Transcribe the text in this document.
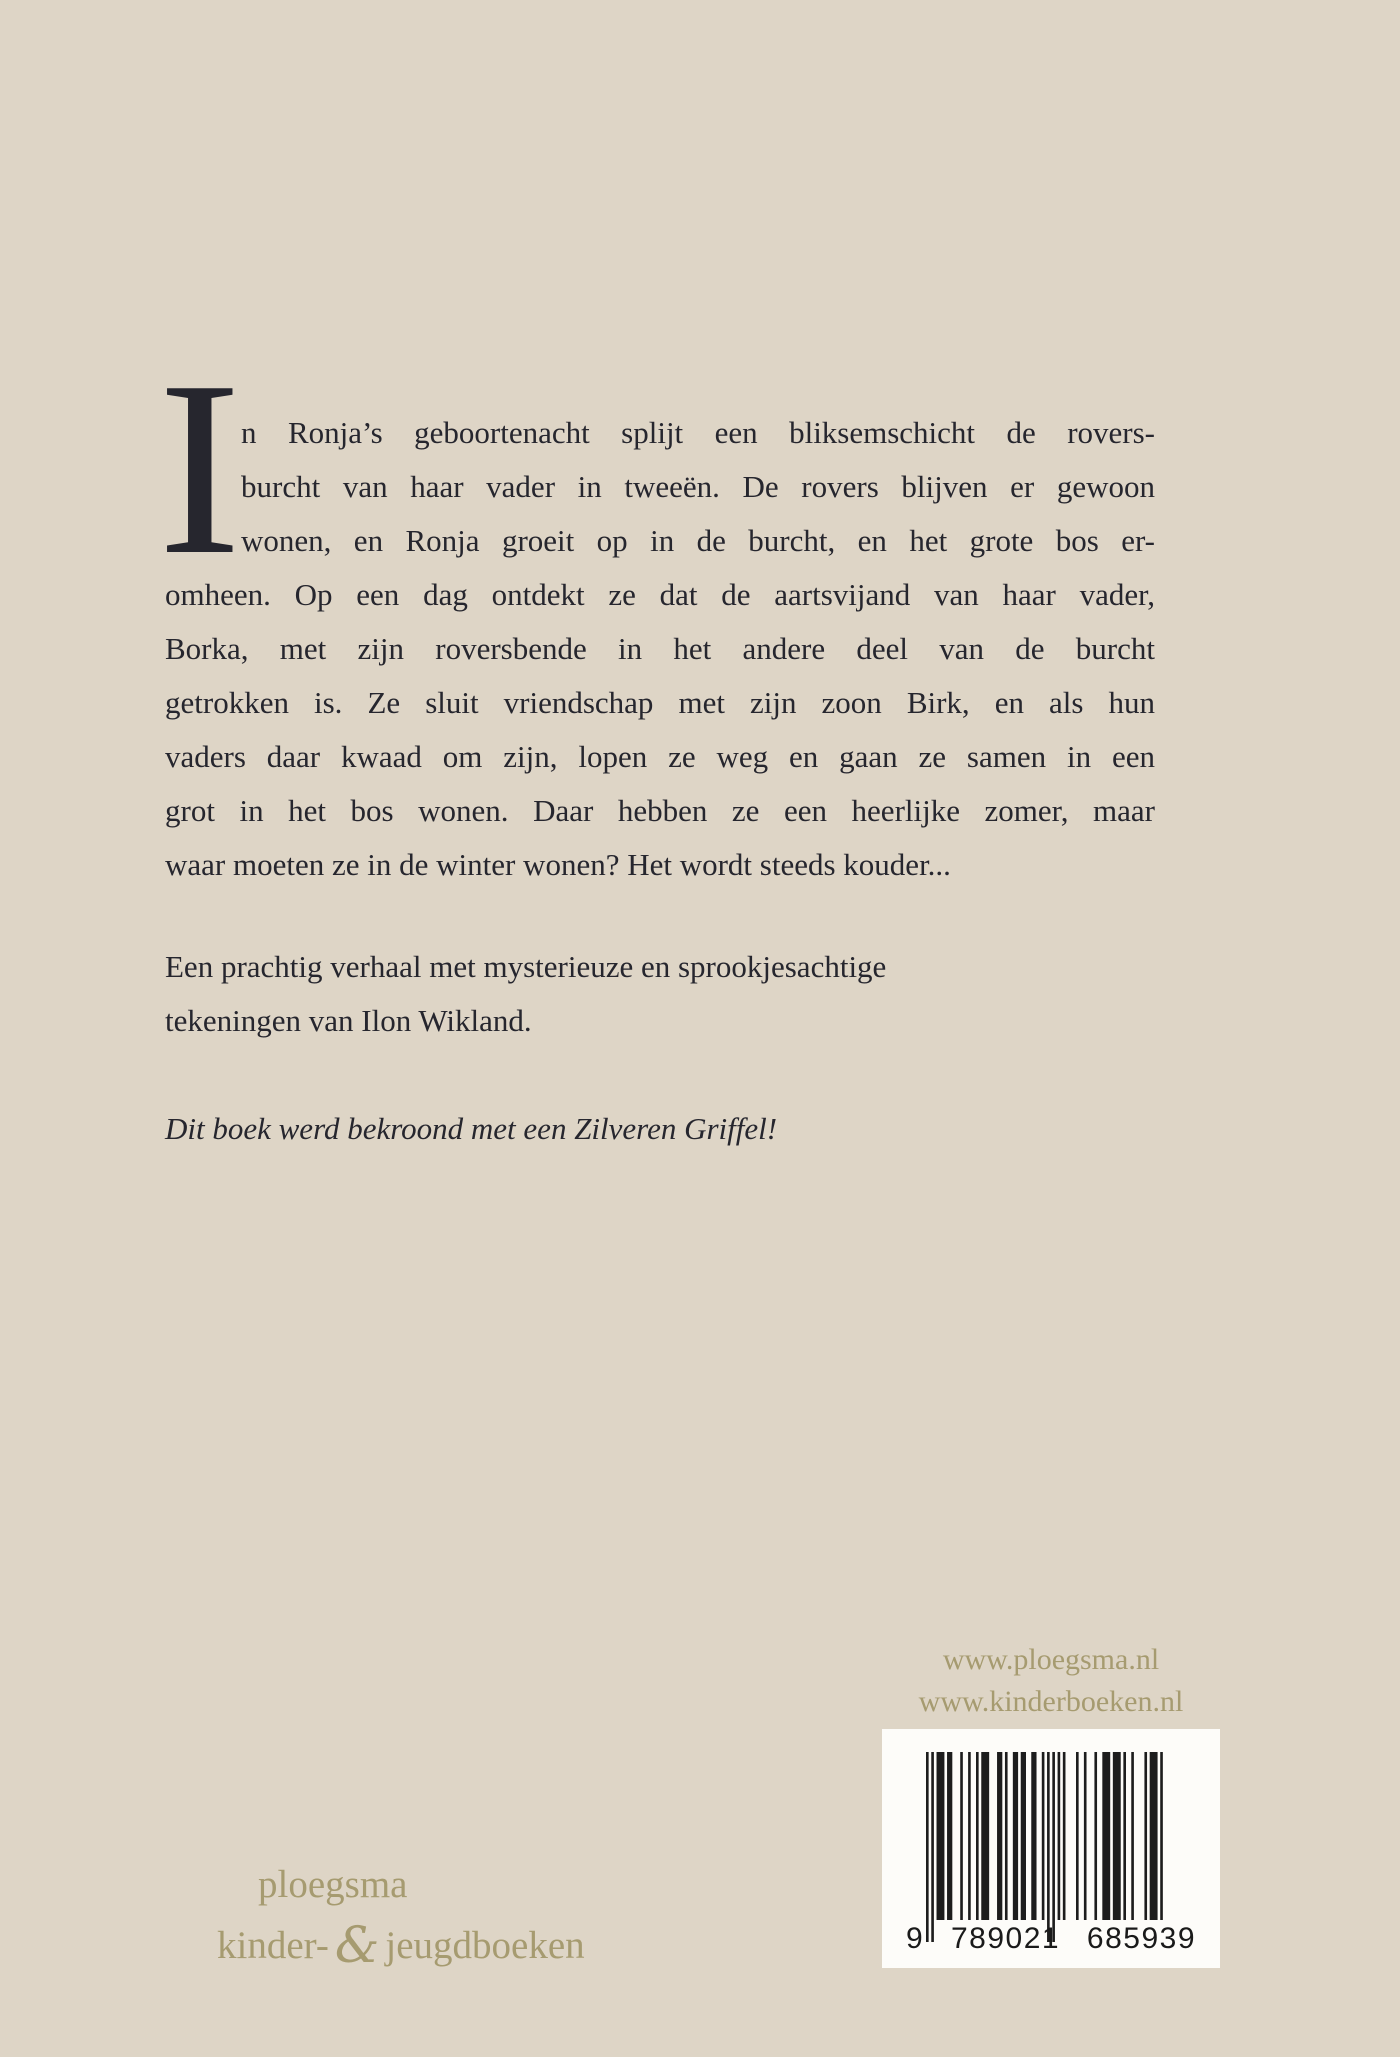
I n Ronja’s geboortenacht splijt een bliksemschicht de rovers-
burcht van haar vader in tweeën. De rovers blijven er gewoon
wonen, en Ronja groeit op in de burcht, en het grote bos er-
omheen. Op een dag ontdekt ze dat de aartsvijand van haar vader,
Borka, met zijn roversbende in het andere deel van de burcht
getrokken is. Ze sluit vriendschap met zijn zoon Birk, en als hun
vaders daar kwaad om zijn, lopen ze weg en gaan ze samen in een
grot in het bos wonen. Daar hebben ze een heerlijke zomer, maar
waar moeten ze in de winter wonen? Het wordt steeds kouder...
Een prachtig verhaal met mysterieuze en sprookjesachtige
tekeningen van Ilon Wikland.
Dit boek werd bekroond met een Zilveren Griffel!
www.ploegsma.nl
www.kinderboeken.nl
9 789021 685939
ploegsma
kinder- & jeugdboeken
